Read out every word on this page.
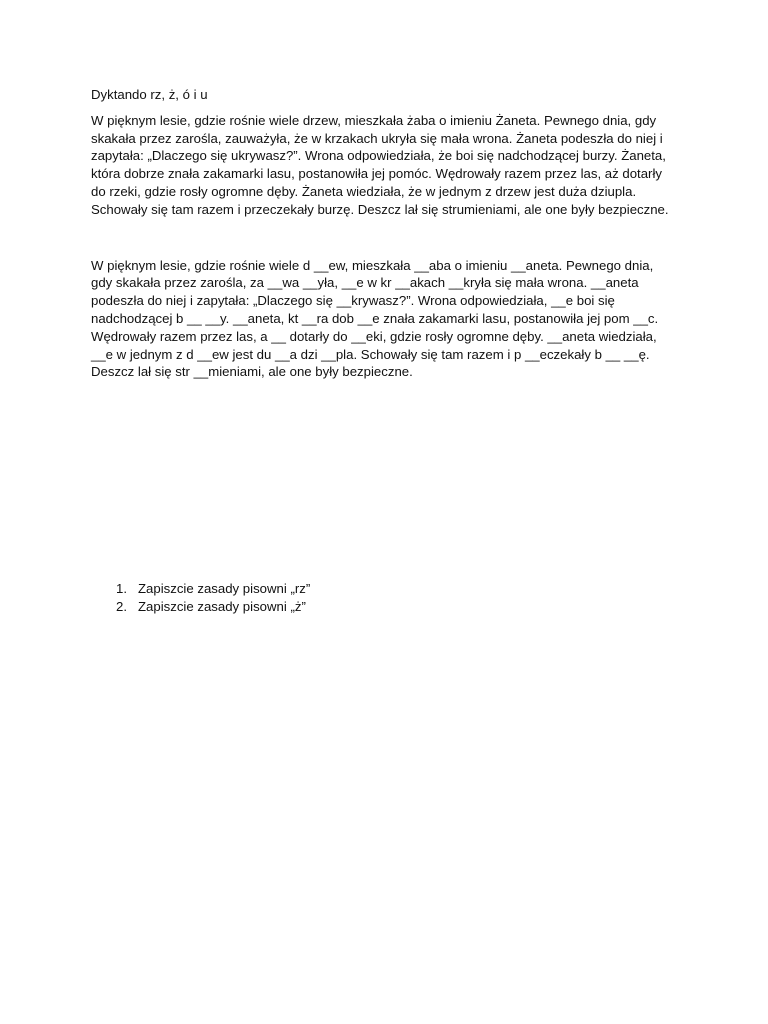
Dyktando rz, ż, ó i u

W pięknym lesie, gdzie rośnie wiele drzew, mieszkała żaba o imieniu Żaneta. Pewnego dnia, gdy skakała przez zarośla, zauważyła, że w krzakach ukryła się mała wrona. Żaneta podeszła do niej i zapytała: „Dlaczego się ukrywasz?”. Wrona odpowiedziała, że boi się nadchodzącej burzy. Żaneta, która dobrze znała zakamarki lasu, postanowiła jej pomóc. Wędrowały razem przez las, aż dotarły do rzeki, gdzie rosły ogromne dęby. Żaneta wiedziała, że w jednym z drzew jest duża dziupla. Schowały się tam razem i przeczekały burzę. Deszcz lał się strumieniami, ale one były bezpieczne.

W pięknym lesie, gdzie rośnie wiele d __ew, mieszkała __aba o imieniu __aneta. Pewnego dnia, gdy skakała przez zarośla, za __wa __yła, __e w kr __akach __kryła się mała wrona. __aneta podeszła do niej i zapytała: „Dlaczego się __krywasz?”. Wrona odpowiedziała, __e boi się nadchodzącej b __ __y. __aneta, kt __ra dob __e znała zakamarki lasu, postanowiła jej pom __c. Wędrowały razem przez las, a __ dotarły do __eki, gdzie rosły ogromne dęby. __aneta wiedziała, __e w jednym z d __ew jest du __a dzi __pla. Schowały się tam razem i p __eczekały b __ __ę. Deszcz lał się str __mieniami, ale one były bezpieczne.

1. Zapiszcie zasady pisowni „rz”
2. Zapiszcie zasady pisowni „ż”
